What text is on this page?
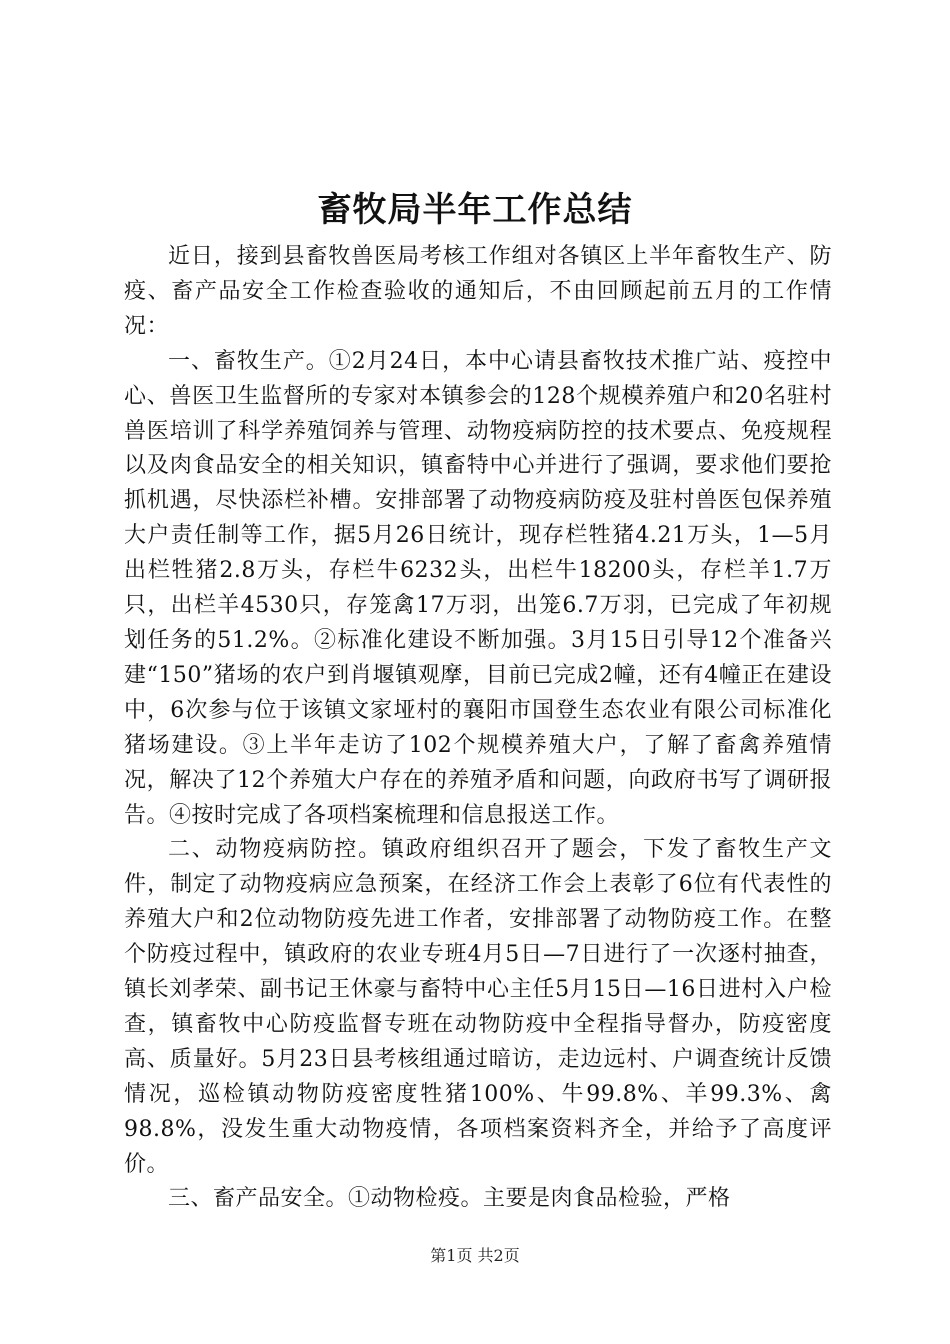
畜牧局半年工作总结

近日，接到县畜牧兽医局考核工作组对各镇区上半年畜牧生产、防疫、畜产品安全工作检查验收的通知后，不由回顾起前五月的工作情况：

一、畜牧生产。①2月24日，本中心请县畜牧技术推广站、疫控中心、兽医卫生监督所的专家对本镇参会的128个规模养殖户和20名驻村兽医培训了科学养殖饲养与管理、动物疫病防控的技术要点、免疫规程以及肉食品安全的相关知识，镇畜特中心并进行了强调，要求他们要抢抓机遇，尽快添栏补槽。安排部署了动物疫病防疫及驻村兽医包保养殖大户责任制等工作，据5月26日统计，现存栏牲猪4.21万头，1—5月出栏牲猪2.8万头，存栏牛6232头，出栏牛18200头，存栏羊1.7万只，出栏羊4530只，存笼禽17万羽，出笼6.7万羽，已完成了年初规划任务的51.2%。②标准化建设不断加强。3月15日引导12个准备兴建“150”猪场的农户到肖堰镇观摩，目前已完成2幢，还有4幢正在建设中，6次参与位于该镇文家垭村的襄阳市国登生态农业有限公司标准化猪场建设。③上半年走访了102个规模养殖大户，了解了畜禽养殖情况，解决了12个养殖大户存在的养殖矛盾和问题，向政府书写了调研报告。④按时完成了各项档案梳理和信息报送工作。

二、动物疫病防控。镇政府组织召开了题会，下发了畜牧生产文件，制定了动物疫病应急预案，在经济工作会上表彰了6位有代表性的养殖大户和2位动物防疫先进工作者，安排部署了动物防疫工作。在整个防疫过程中，镇政府的农业专班4月5日—7日进行了一次逐村抽查，镇长刘孝荣、副书记王休豪与畜特中心主任5月15日—16日进村入户检查，镇畜牧中心防疫监督专班在动物防疫中全程指导督办，防疫密度高、质量好。5月23日县考核组通过暗访，走边远村、户调查统计反馈情况，巡检镇动物防疫密度牲猪100%、牛99.8%、羊99.3%、禽98.8%，没发生重大动物疫情，各项档案资料齐全，并给予了高度评价。

三、畜产品安全。①动物检疫。主要是肉食品检验，严格

第1页 共2页
